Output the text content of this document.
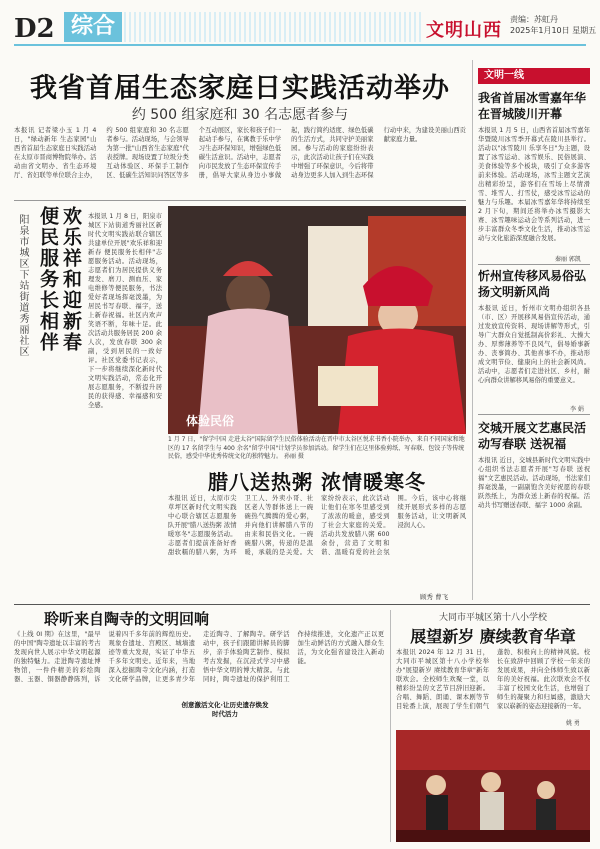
D2 综合	文明山西
责编：苏虹丹
2025年1月10日 星期五
我省首届生态家庭日实践活动举办
约 500 组家庭和 30 名志愿者参与
本报讯 记者梁小玉 1 月 4 日，"绿动新年 生态家园"山西省首届生态家庭日实践活动在太原市晋商博物院举办。活动由省文明办、省生态环境厅、省妇联等单位联合主办，约 500 组家庭和 30 名志愿者参与。活动现场，与会领导为第一批"山西省生态家庭"代表授牌。现场设置了垃圾分类互动体验区、环保手工制作区、低碳生活知识问答区等多个互动展区，家长和孩子们一起动手参与，在寓教于乐中学习生态环保知识，增强绿色低碳生活意识。活动中，志愿者向市民发放了生态环保宣传手册，倡导大家从身边小事做起，践行简约适度、绿色低碳的生活方式，共同守护美丽家园。参与活动的家庭纷纷表示，此次活动让孩子们在实践中增强了环保意识，今后将带动身边更多人加入到生态环保行动中来，为建设美丽山西贡献家庭力量。
欢乐祥和迎新春
便民服务长相伴
阳泉市城区下站街道秀丽社区	本报讯 1 月 8 日，阳泉市城区下站街道秀丽社区新时代文明实践站联合辖区共建单位开展"欢乐祥和迎新春 便民服务长相伴"志愿服务活动。活动现场，志愿者们为居民提供义务理发、磨刀、测血压、家电维修等便民服务，书法爱好者现场挥毫泼墨，为居民书写春联、福字，送上新春祝福。社区内欢声笑语不断，年味十足。此次活动共服务居民 200 余人次，发放春联 300 余副，受到居民的一致好评。社区党委书记表示，下一步将继续深化新时代文明实践活动，常态化开展志愿服务，不断提升居民的获得感、幸福感和安全感。
体验民俗
1 月 7 日，"留学中国 走进太谷"国际留学生民俗体验活动在晋中市太谷区悦求书香小院举办，来自不同国家和地区的 17 名留学生与 400 余名"留学中国"计划学员参加活动。留学生们在这里体验剪纸、写春联、包饺子等传统民俗，感受中华优秀传统文化的独特魅力。 孙丽 摄
腊八送热粥 浓情暖寒冬
本报讯 近日，太原市尖草坪区新时代文明实践中心联合辖区志愿服务队开展"腊八送热粥 浓情暖寒冬"志愿服务活动。志愿者们提前准备好香甜软糯的腊八粥，为环卫工人、外卖小哥、社区老人等群体送上一碗碗热气腾腾的爱心粥，并向他们讲解腊八节的由来和民俗文化。一碗碗腊八粥，传递的是温暖，承载的是关爱。大家纷纷表示，此次活动让他们在寒冬里感受到了浓浓的暖意，感受到了社会大家庭的关爱。活动共发放腊八粥 600 余份，营造了文明和谐、温暖有爱的社会氛围。今后，该中心将继续开展形式多样的志愿服务活动，让文明新风浸润人心。
顾秀 曹飞
文明一线
我省首届冰雪嘉年华在晋城陵川开幕
本报讯 1 月 5 日，山西省首届冰雪嘉年华暨陵川冰雪季开幕式在陵川县举行。活动以"冰雪陵川 乐享冬日"为主题，设置了冰雪运动、冰雪娱乐、民俗展演、美食体验等多个板块，吸引了众多游客前来体验。活动现场，冰雪主题文艺演出精彩纷呈，游客们在雪场上尽情滑雪、堆雪人、打雪仗，感受冰雪运动的魅力与乐趣。本届冰雪嘉年华将持续至 2 月下旬，期间还将举办冰雪摄影大赛、冰雪趣味运动会等系列活动，进一步丰富群众冬季文化生活，推动冰雪运动与文化旅游深度融合发展。
秦丽 郭凯
忻州宣传移风易俗弘扬文明新风尚
本报讯 近日，忻州市文明办组织各县（市、区）开展移风易俗宣传活动，通过发放宣传资料、现场讲解等形式，引导广大群众自觉抵制高价彩礼、大操大办、厚葬薄养等不良风气，倡导婚事新办、丧事简办、其他喜事不办，推动形成文明节俭、健康向上的社会新风尚。活动中，志愿者们走进社区、乡村，耐心向群众讲解移风易俗的重要意义。
李 娟
交城开展文艺惠民活动写春联 送祝福
本报讯 近日，交城县新时代文明实践中心组织书法志愿者开展"写春联 送祝福"文艺惠民活动。活动现场，书法家们挥毫泼墨，一副副饱含美好祝愿的春联跃然纸上，为群众送上新春的祝福。活动共书写赠送春联、福字 1000 余副。
聆听来自陶寺的文明回响
《上线 0I 期》在这里，"最早的中国"陶寺遗址以丰富的考古发现向世人展示中华文明起源的独特魅力。走进陶寺遗址博物馆，一件件精美的彩绘陶器、玉器、铜器静静陈列，诉说着四千多年前的辉煌历史。观象台遗址、宫殿区、城墙遗迹等重大发现，实证了中华五千多年文明史。近年来，当地深入挖掘陶寺文化内涵，打造文化研学品牌，让更多青少年走近陶寺、了解陶寺。研学活动中，孩子们跟随讲解员的脚步，亲手体验陶艺制作、模拟考古发掘，在沉浸式学习中感悟中华文明的博大精深。与此同时，陶寺遗址的保护利用工作持续推进，文化遗产正以更加生动鲜活的方式融入群众生活，为文化强省建设注入新动能。
创意激活文化·让历史遗存焕发时代活力
大同市平城区第十八小学校
展望新岁 赓续教育华章
本报讯 2024 年 12 月 31 日，大同市平城区第十八小学校举办"展望新岁 赓续教育华章"新年联欢会。全校师生欢聚一堂，以精彩纷呈的文艺节目辞旧迎新。合唱、舞蹈、朗诵、课本剧等节目轮番上演，展现了学生们朝气蓬勃、积极向上的精神风貌。校长在致辞中回顾了学校一年来的发展成果，并向全体师生致以新年的美好祝福。此次联欢会不仅丰富了校园文化生活，也增强了师生的凝聚力和归属感，激励大家以崭新的姿态迎接新的一年。
姚 勇
